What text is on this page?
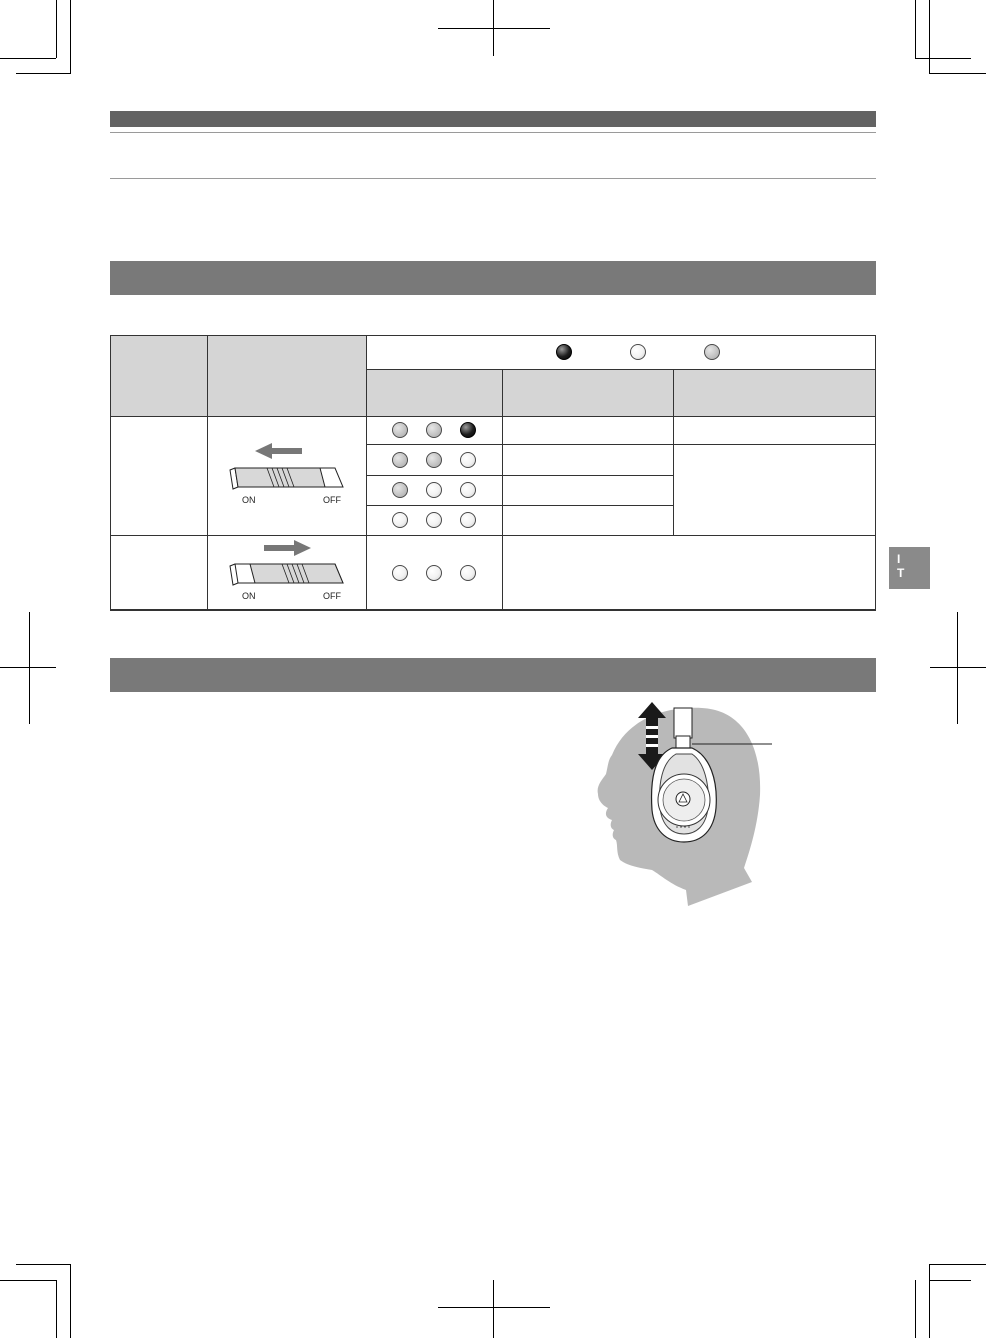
ON	OFF
ON	OFF
I
T
